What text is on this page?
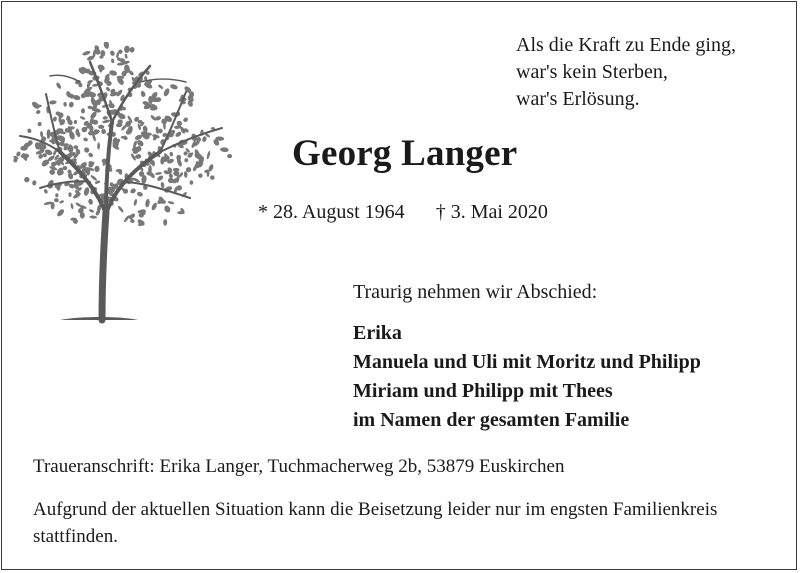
Als die Kraft zu Ende ging,
war's kein Sterben,
war's Erlösung.
Georg Langer
* 28. August 1964 † 3. Mai 2020
Traurig nehmen wir Abschied:
Erika
Manuela und Uli mit Moritz und Philipp
Miriam und Philipp mit Thees
im Namen der gesamten Familie
Traueranschrift: Erika Langer, Tuchmacherweg 2b, 53879 Euskirchen
Aufgrund der aktuellen Situation kann die Beisetzung leider nur im engsten Familienkreis stattfinden.
